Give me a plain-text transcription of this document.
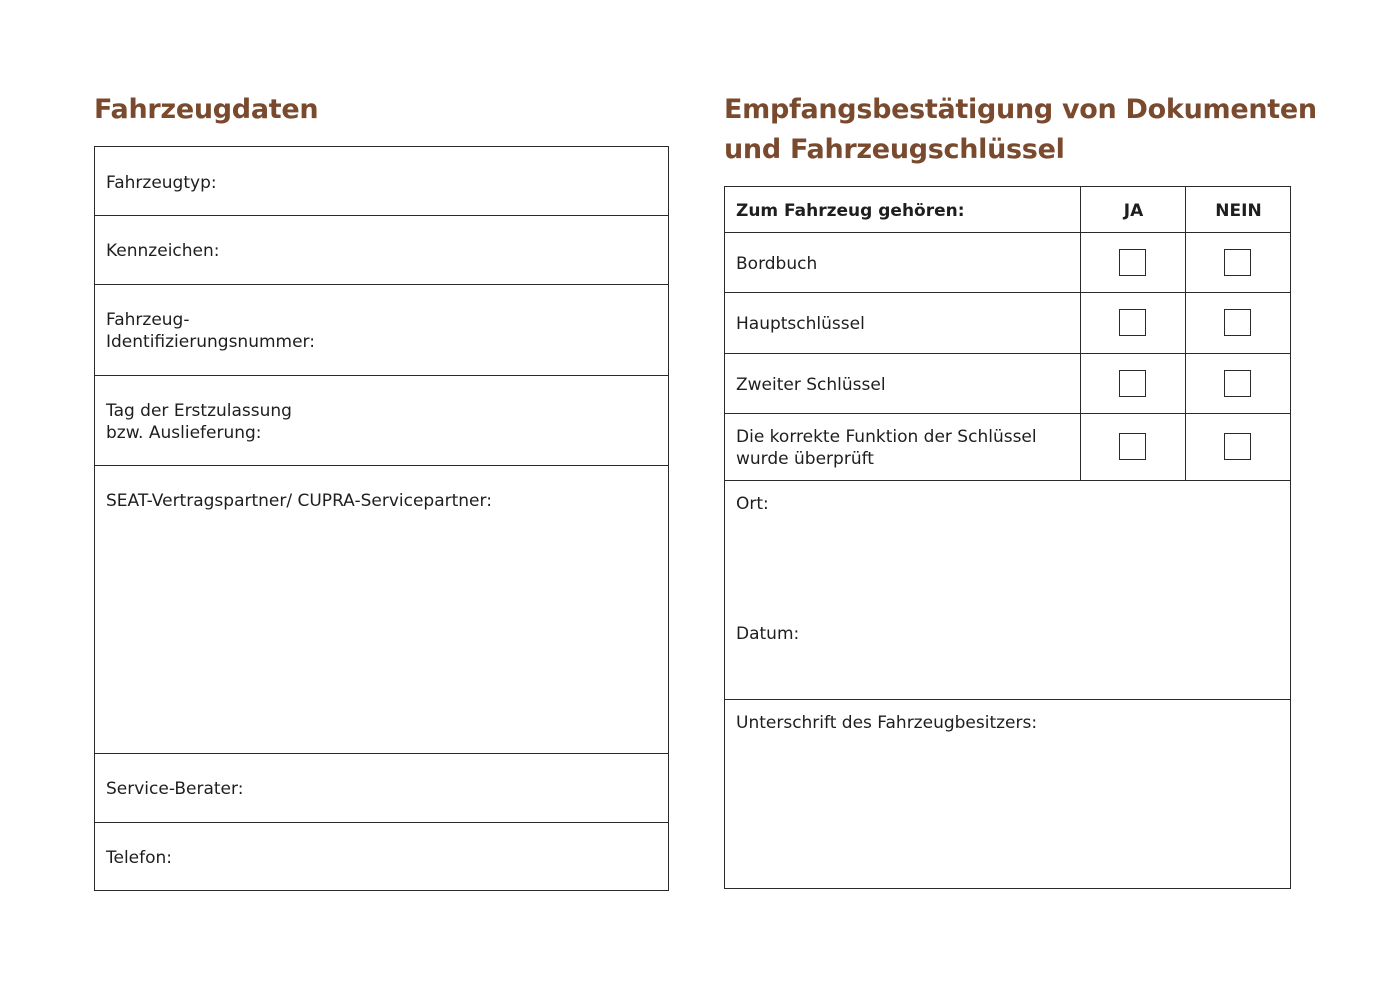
Fahrzeugdaten
Fahrzeugtyp:
Kennzeichen:
Fahrzeug-
Identifizierungsnummer:
Tag der Erstzulassung
bzw. Auslieferung:
SEAT-Vertragspartner/ CUPRA-Servicepartner:
Service-Berater:
Telefon:
Empfangsbestätigung von Dokumenten und Fahrzeugschlüssel
Zum Fahrzeug gehören:	JA	NEIN
Bordbuch
Hauptschlüssel
Zweiter Schlüssel
Die korrekte Funktion der Schlüssel
wurde überprüft
Ort:
Datum:
Unterschrift des Fahrzeugbesitzers:
